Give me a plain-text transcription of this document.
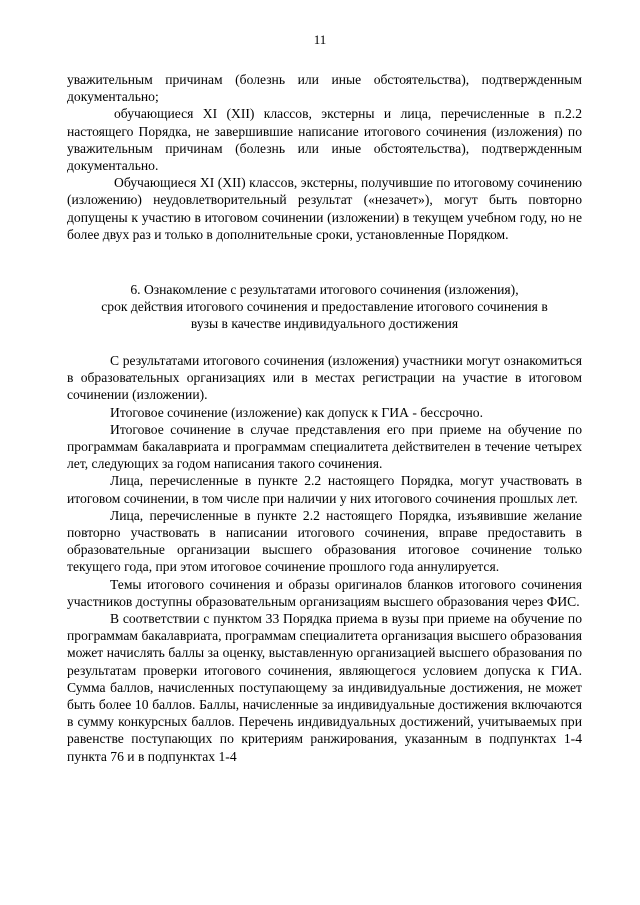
11

уважительным причинам (болезнь или иные обстоятельства), подтвержденным документально;

обучающиеся XI (XII) классов, экстерны и лица, перечисленные в п.2.2 настоящего Порядка, не завершившие написание итогового сочинения (изложения) по уважительным причинам (болезнь или иные обстоятельства), подтвержденным документально.

Обучающиеся XI (XII) классов, экстерны, получившие по итоговому сочинению (изложению) неудовлетворительный результат («незачет»), могут быть повторно допущены к участию в итоговом сочинении (изложении) в текущем учебном году, но не более двух раз и только в дополнительные сроки, установленные Порядком.

6. Ознакомление с результатами итогового сочинения (изложения),

срок действия итогового сочинения и предоставление итогового сочинения в

вузы в качестве индивидуального достижения

С результатами итогового сочинения (изложения) участники могут ознакомиться в образовательных организациях или в местах регистрации на участие в итоговом сочинении (изложении).

Итоговое сочинение (изложение) как допуск к ГИА - бессрочно.

Итоговое сочинение в случае представления его при приеме на обучение по программам бакалавриата и программам специалитета действителен в течение четырех лет, следующих за годом написания такого сочинения.

Лица, перечисленные в пункте 2.2 настоящего Порядка, могут участвовать в итоговом сочинении, в том числе при наличии у них итогового сочинения прошлых лет.

Лица, перечисленные в пункте 2.2 настоящего Порядка, изъявившие желание повторно участвовать в написании итогового сочинения, вправе предоставить в образовательные организации высшего образования итоговое сочинение только текущего года, при этом итоговое сочинение прошлого года аннулируется.

Темы итогового сочинения и образы оригиналов бланков итогового сочинения участников доступны образовательным организациям высшего образования через ФИС.

В соответствии с пунктом 33 Порядка приема в вузы при приеме на обучение по программам бакалавриата, программам специалитета организация высшего образования может начислять баллы за оценку, выставленную организацией высшего образования по результатам проверки итогового сочинения, являющегося условием допуска к ГИА. Сумма баллов, начисленных поступающему за индивидуальные достижения, не может быть более 10 баллов. Баллы, начисленные за индивидуальные достижения включаются в сумму конкурсных баллов. Перечень индивидуальных достижений, учитываемых при равенстве поступающих по критериям ранжирования, указанным в подпунктах 1-4 пункта 76 и в подпунктах 1-4
